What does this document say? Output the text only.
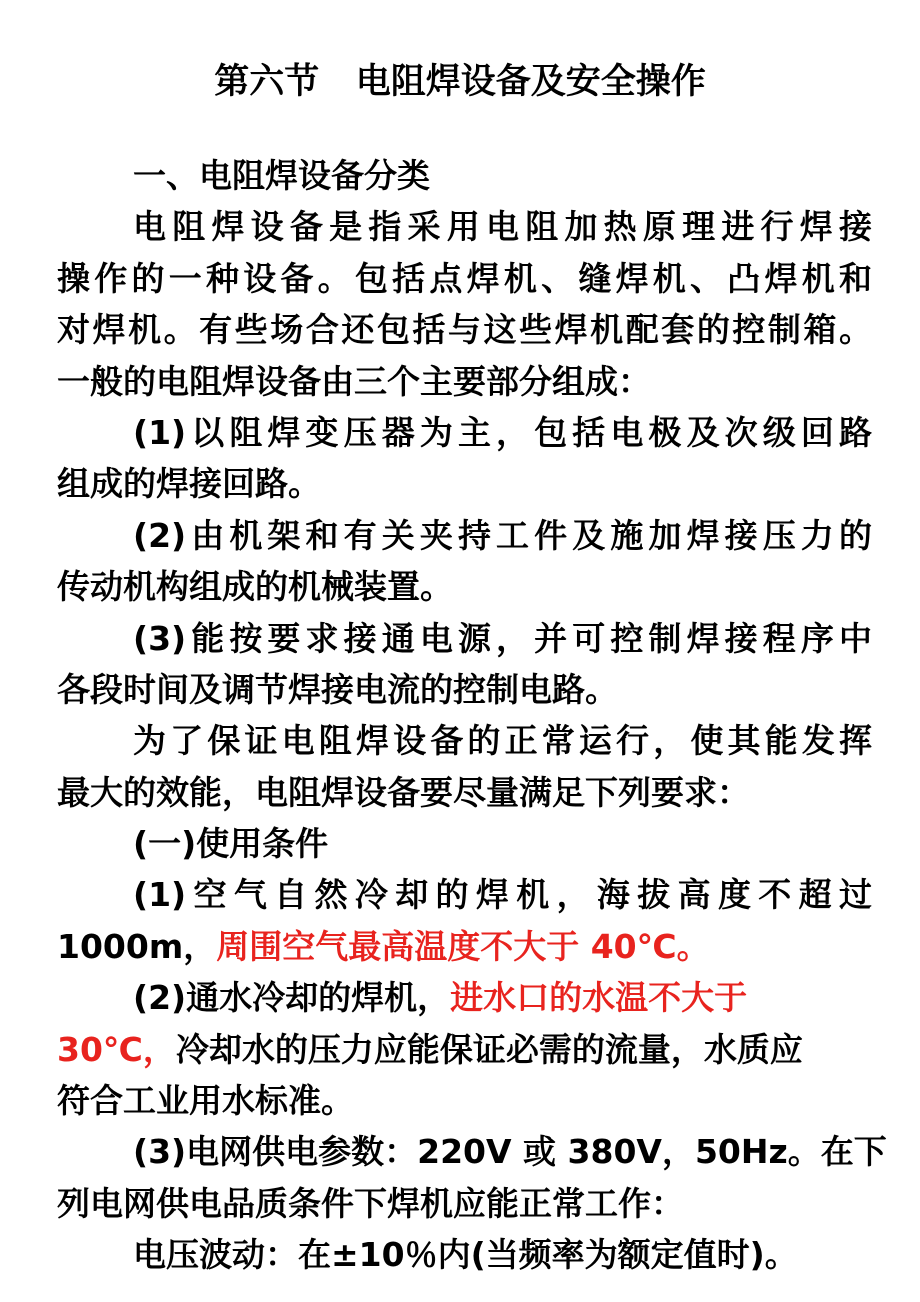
第六节   电阻焊设备及安全操作
一、电阻焊设备分类
电阻焊设备是指采用电阻加热原理进行焊接
操作的一种设备。包括点焊机、缝焊机、凸焊机和
对焊机。有些场合还包括与这些焊机配套的控制箱。
一般的电阻焊设备由三个主要部分组成：
(1)以阻焊变压器为主，包括电极及次级回路
组成的焊接回路。
(2)由机架和有关夹持工件及施加焊接压力的
传动机构组成的机械装置。
(3)能按要求接通电源，并可控制焊接程序中
各段时间及调节焊接电流的控制电路。
为了保证电阻焊设备的正常运行，使其能发挥
最大的效能，电阻焊设备要尽量满足下列要求：
(一)使用条件
(1)空气自然冷却的焊机，海拔高度不超过
1000m，周围空气最高温度不大于 40℃。
(2)通水冷却的焊机，进水口的水温不大于
30℃，冷却水的压力应能保证必需的流量，水质应
符合工业用水标准。
(3)电网供电参数：220V 或 380V，50Hz。在下
列电网供电品质条件下焊机应能正常工作：
电压波动：在±10％内(当频率为额定值时)。
